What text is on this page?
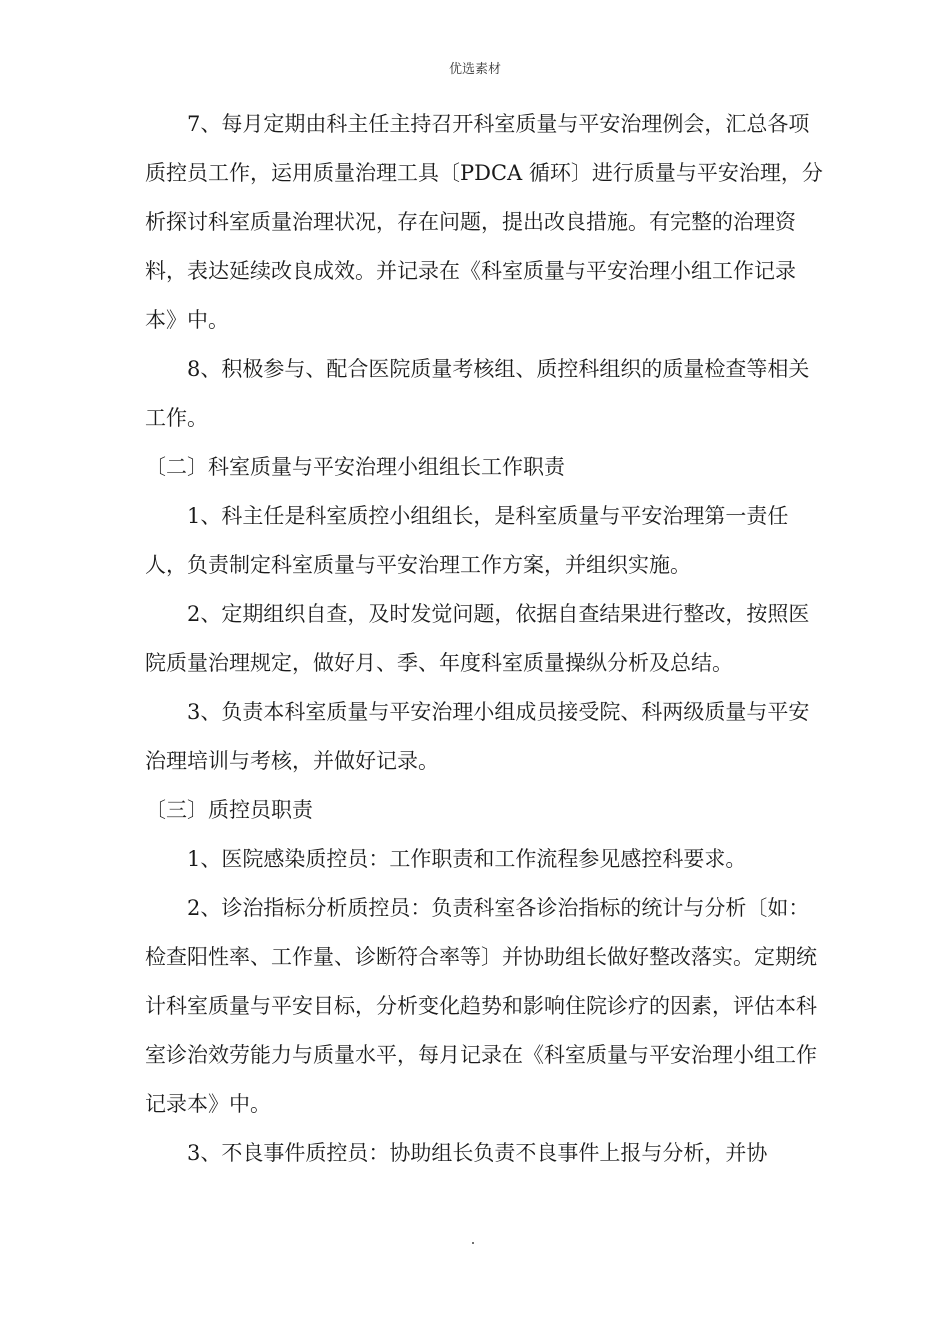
优选素材

7、每月定期由科主任主持召开科室质量与平安治理例会，汇总各项质控员工作，运用质量治理工具〔PDCA 循环〕进行质量与平安治理，分析探讨科室质量治理状况，存在问题，提出改良措施。有完整的治理资料，表达延续改良成效。并记录在《科室质量与平安治理小组工作记录本》中。

8、积极参与、配合医院质量考核组、质控科组织的质量检查等相关工作。

〔二〕科室质量与平安治理小组组长工作职责

1、科主任是科室质控小组组长，是科室质量与平安治理第一责任人，负责制定科室质量与平安治理工作方案，并组织实施。

2、定期组织自查，及时发觉问题，依据自查结果进行整改，按照医院质量治理规定，做好月、季、年度科室质量操纵分析及总结。

3、负责本科室质量与平安治理小组成员接受院、科两级质量与平安治理培训与考核，并做好记录。

〔三〕质控员职责

1、医院感染质控员：工作职责和工作流程参见感控科要求。

2、诊治指标分析质控员：负责科室各诊治指标的统计与分析〔如：检查阳性率、工作量、诊断符合率等〕并协助组长做好整改落实。定期统计科室质量与平安目标，分析变化趋势和影响住院诊疗的因素，评估本科室诊治效劳能力与质量水平，每月记录在《科室质量与平安治理小组工作记录本》中。

3、不良事件质控员：协助组长负责不良事件上报与分析，并协
